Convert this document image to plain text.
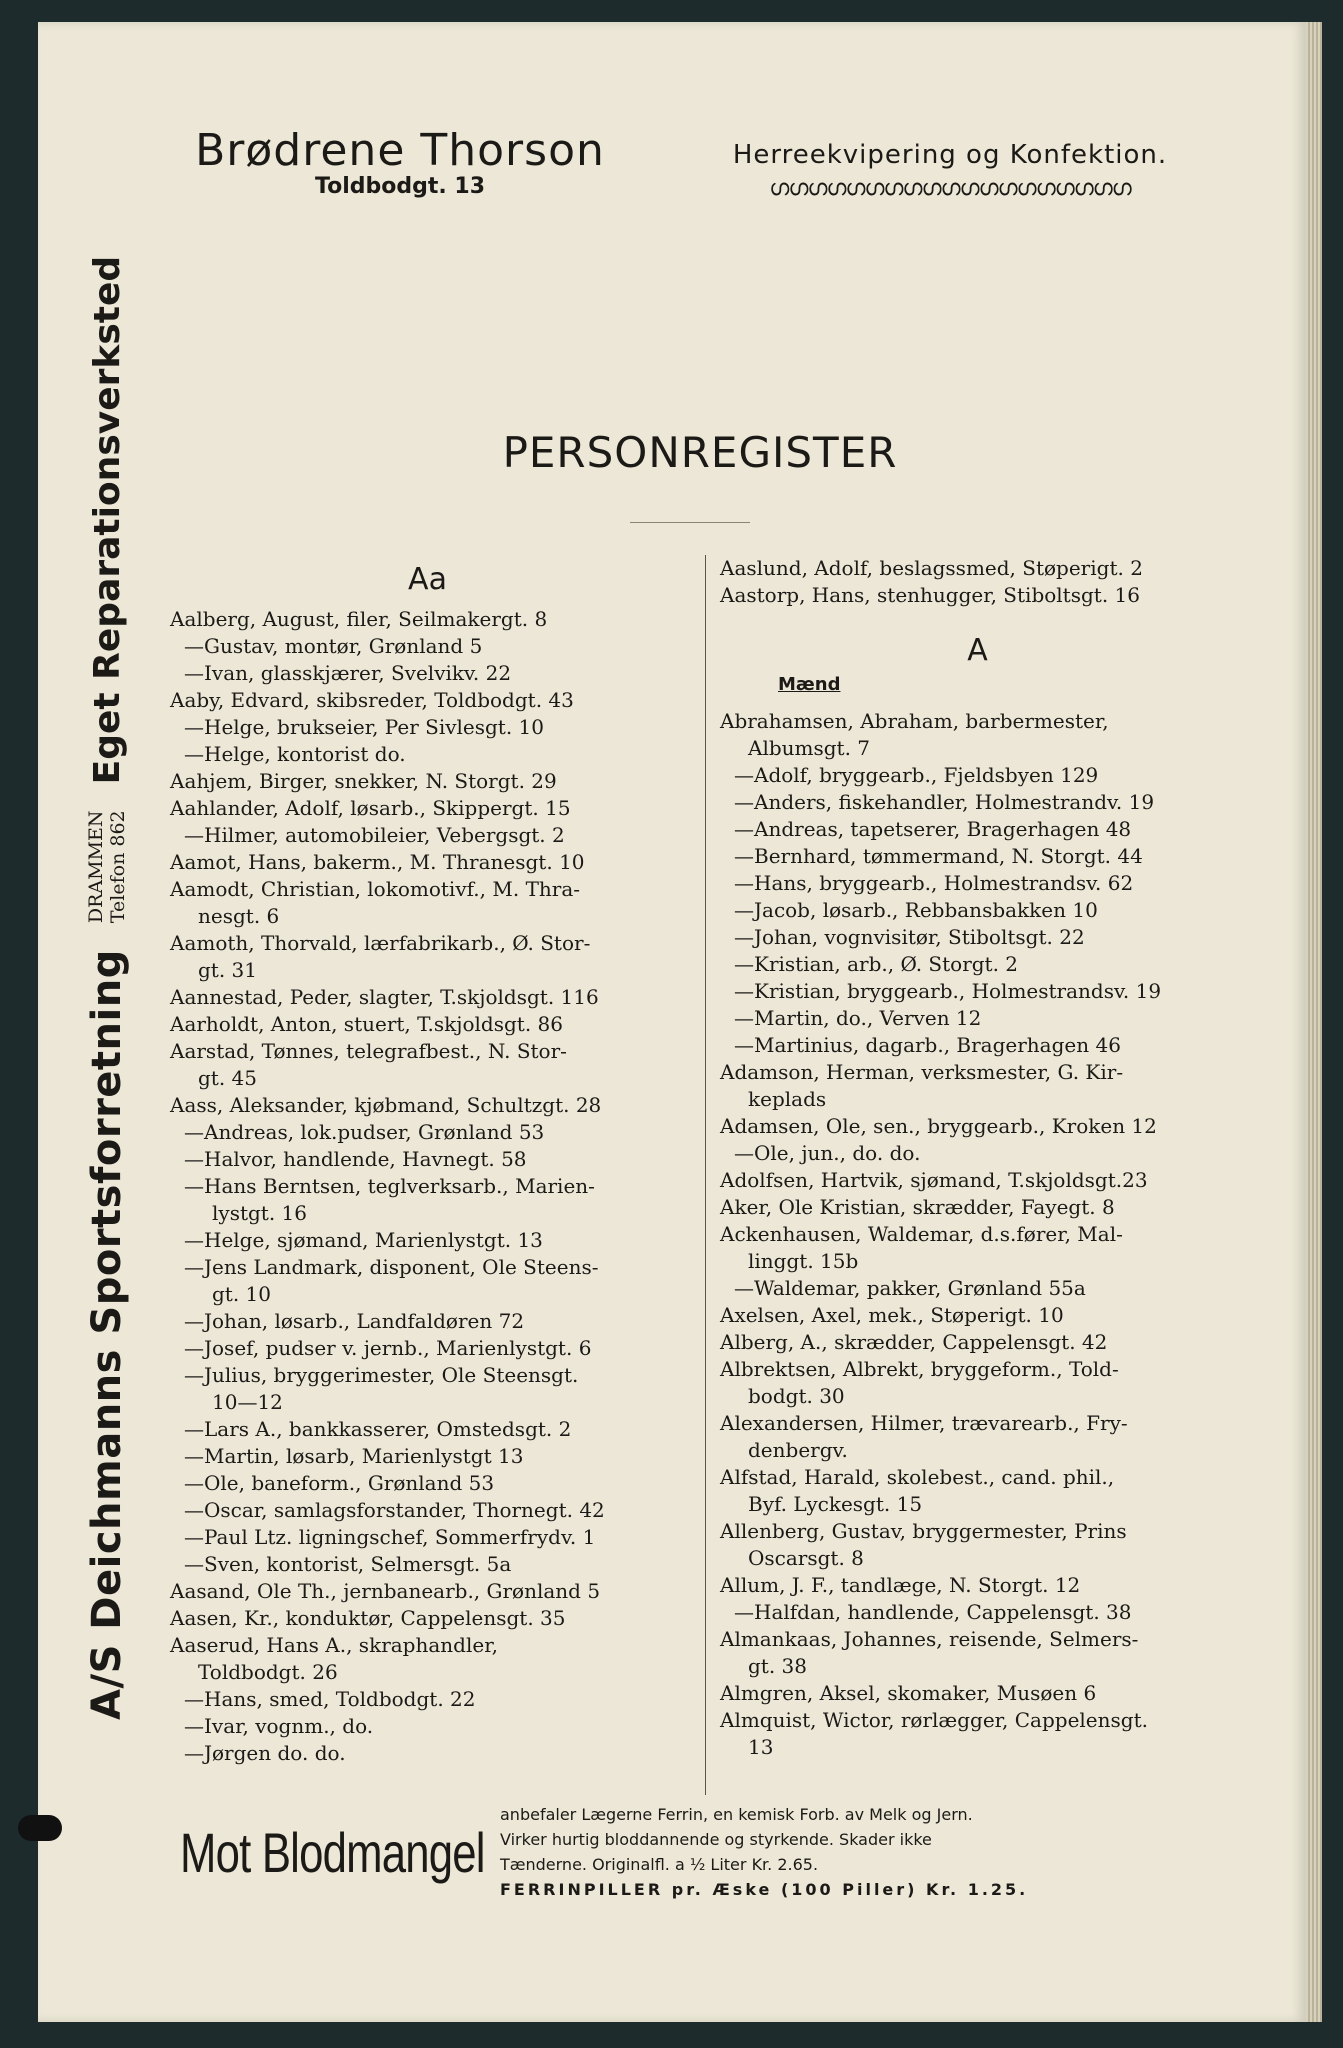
Brødrene Thorson
Toldbodgt. 13
Herreekvipering og Konfektion.
ഗഗഗഗഗഗഗഗഗഗഗഗഗഗഗഗഗഗഗ
A/S Deichmanns Sportsforretning
DRAMMEN
Telefon 862
Eget Reparationsverksted	PERSONREGISTER
Aa
Aalberg, August, filer, Seilmakergt. 8
—Gustav, montør, Grønland 5
—Ivan, glasskjærer, Svelvikv. 22
Aaby, Edvard, skibsreder, Toldbodgt. 43
—Helge, brukseier, Per Sivlesgt. 10
—Helge, kontorist do.
Aahjem, Birger, snekker, N. Storgt. 29
Aahlander, Adolf, løsarb., Skippergt. 15
—Hilmer, automobileier, Vebergsgt. 2
Aamot, Hans, bakerm., M. Thranesgt. 10
Aamodt, Christian, lokomotivf., M. Thra-
nesgt. 6
Aamoth, Thorvald, lærfabrikarb., Ø. Stor-
gt. 31
Aannestad, Peder, slagter, T.skjoldsgt. 116
Aarholdt, Anton, stuert, T.skjoldsgt. 86
Aarstad, Tønnes, telegrafbest., N. Stor-
gt. 45
Aass, Aleksander, kjøbmand, Schultzgt. 28
—Andreas, lok.pudser, Grønland 53
—Halvor, handlende, Havnegt. 58
—Hans Berntsen, teglverksarb., Marien-
lystgt. 16
—Helge, sjømand, Marienlystgt. 13
—Jens Landmark, disponent, Ole Steens-
gt. 10
—Johan, løsarb., Landfaldøren 72
—Josef, pudser v. jernb., Marienlystgt. 6
—Julius, bryggerimester, Ole Steensgt.
10—12
—Lars A., bankkasserer, Omstedsgt. 2
—Martin, løsarb, Marienlystgt 13
—Ole, baneform., Grønland 53
—Oscar, samlagsforstander, Thornegt. 42
—Paul Ltz. ligningschef, Sommerfrydv. 1
—Sven, kontorist, Selmersgt. 5a
Aasand, Ole Th., jernbanearb., Grønland 5
Aasen, Kr., konduktør, Cappelensgt. 35
Aaserud, Hans A., skraphandler,
Toldbodgt. 26
—Hans, smed, Toldbodgt. 22
—Ivar, vognm., do.
—Jørgen do. do.
Aaslund, Adolf, beslagssmed, Støperigt. 2
Aastorp, Hans, stenhugger, Stiboltsgt. 16
A
Mænd
Abrahamsen, Abraham, barbermester,
Albumsgt. 7
—Adolf, bryggearb., Fjeldsbyen 129
—Anders, fiskehandler, Holmestrandv. 19
—Andreas, tapetserer, Bragerhagen 48
—Bernhard, tømmermand, N. Storgt. 44
—Hans, bryggearb., Holmestrandsv. 62
—Jacob, løsarb., Rebbansbakken 10
—Johan, vognvisitør, Stiboltsgt. 22
—Kristian, arb., Ø. Storgt. 2
—Kristian, bryggearb., Holmestrandsv. 19
—Martin, do., Verven 12
—Martinius, dagarb., Bragerhagen 46
Adamson, Herman, verksmester, G. Kir-
keplads
Adamsen, Ole, sen., bryggearb., Kroken 12
—Ole, jun., do. do.
Adolfsen, Hartvik, sjømand, T.skjoldsgt.23
Aker, Ole Kristian, skrædder, Fayegt. 8
Ackenhausen, Waldemar, d.s.fører, Mal-
linggt. 15b
—Waldemar, pakker, Grønland 55a
Axelsen, Axel, mek., Støperigt. 10
Alberg, A., skrædder, Cappelensgt. 42
Albrektsen, Albrekt, bryggeform., Told-
bodgt. 30
Alexandersen, Hilmer, trævarearb., Fry-
denbergv.
Alfstad, Harald, skolebest., cand. phil.,
Byf. Lyckesgt. 15
Allenberg, Gustav, bryggermester, Prins
Oscarsgt. 8
Allum, J. F., tandlæge, N. Storgt. 12
—Halfdan, handlende, Cappelensgt. 38
Almankaas, Johannes, reisende, Selmers-
gt. 38
Almgren, Aksel, skomaker, Musøen 6
Almquist, Wictor, rørlægger, Cappelensgt.
13
Mot Blodmangel
anbefaler Lægerne Ferrin, en kemisk Forb. av Melk og Jern.
Virker hurtig bloddannende og styrkende. Skader ikke
Tænderne. Originalfl. a ½ Liter Kr. 2.65.
FERRINPILLER pr. Æske (100 Piller) Kr. 1.25.
